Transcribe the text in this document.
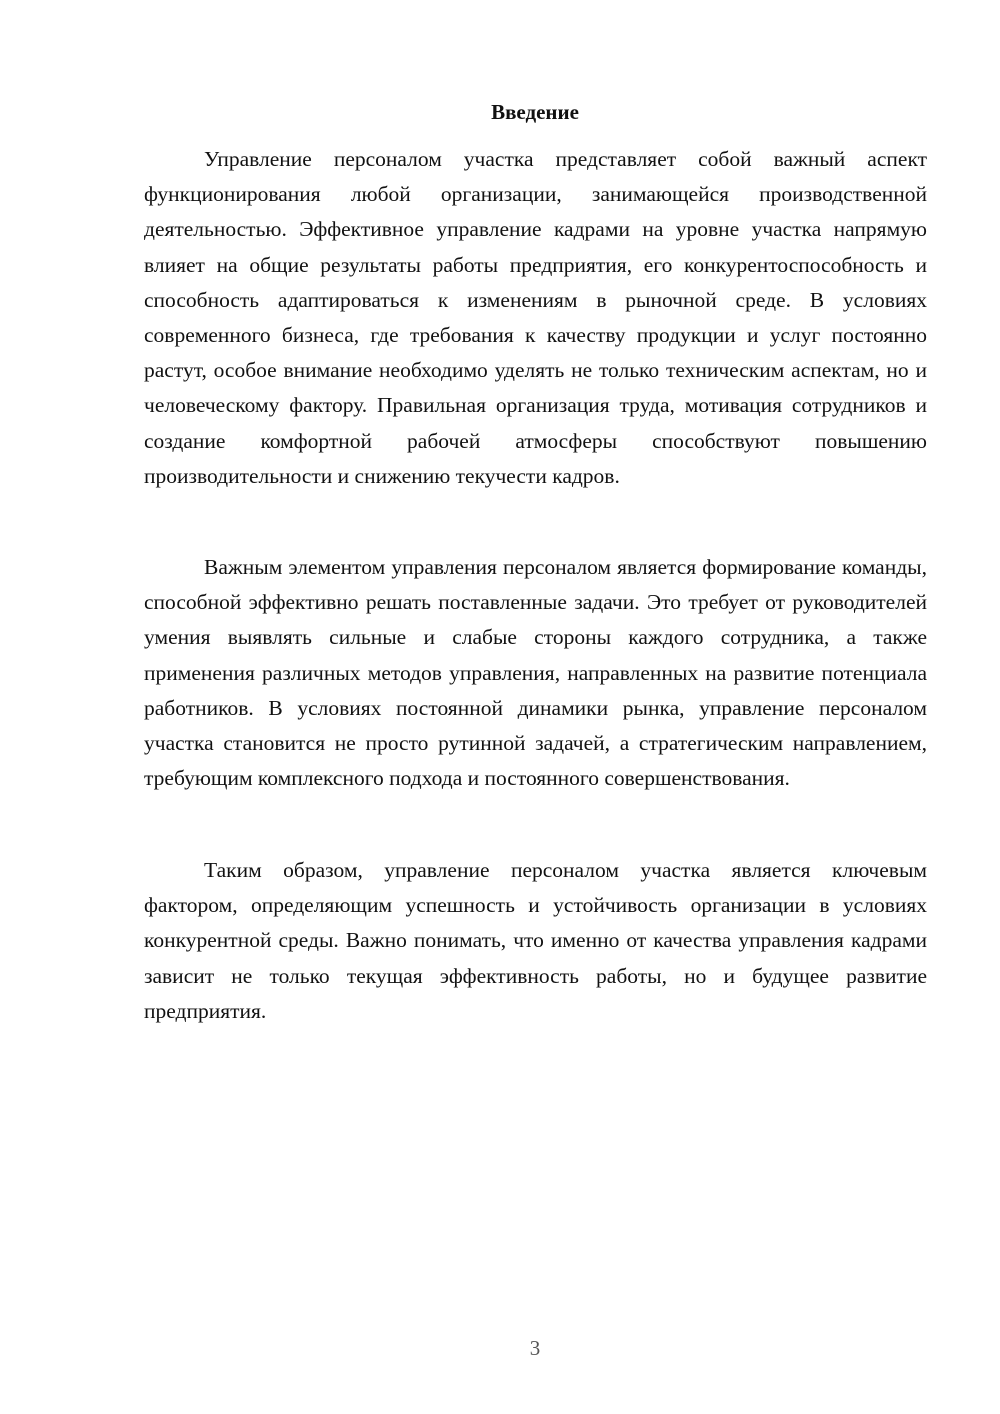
Введение

Управление персоналом участка представляет собой важный аспект функционирования любой организации, занимающейся производственной деятельностью. Эффективное управление кадрами на уровне участка напрямую влияет на общие результаты работы предприятия, его конкурентоспособность и способность адаптироваться к изменениям в рыночной среде. В условиях современного бизнеса, где требования к качеству продукции и услуг постоянно растут, особое внимание необходимо уделять не только техническим аспектам, но и человеческому фактору. Правильная организация труда, мотивация сотрудников и создание комфортной рабочей атмосферы способствуют повышению производительности и снижению текучести кадров.

Важным элементом управления персоналом является формирование команды, способной эффективно решать поставленные задачи. Это требует от руководителей умения выявлять сильные и слабые стороны каждого сотрудника, а также применения различных методов управления, направленных на развитие потенциала работников. В условиях постоянной динамики рынка, управление персоналом участка становится не просто рутинной задачей, а стратегическим направлением, требующим комплексного подхода и постоянного совершенствования.

Таким образом, управление персоналом участка является ключевым фактором, определяющим успешность и устойчивость организации в условиях конкурентной среды. Важно понимать, что именно от качества управления кадрами зависит не только текущая эффективность работы, но и будущее развитие предприятия.

3
